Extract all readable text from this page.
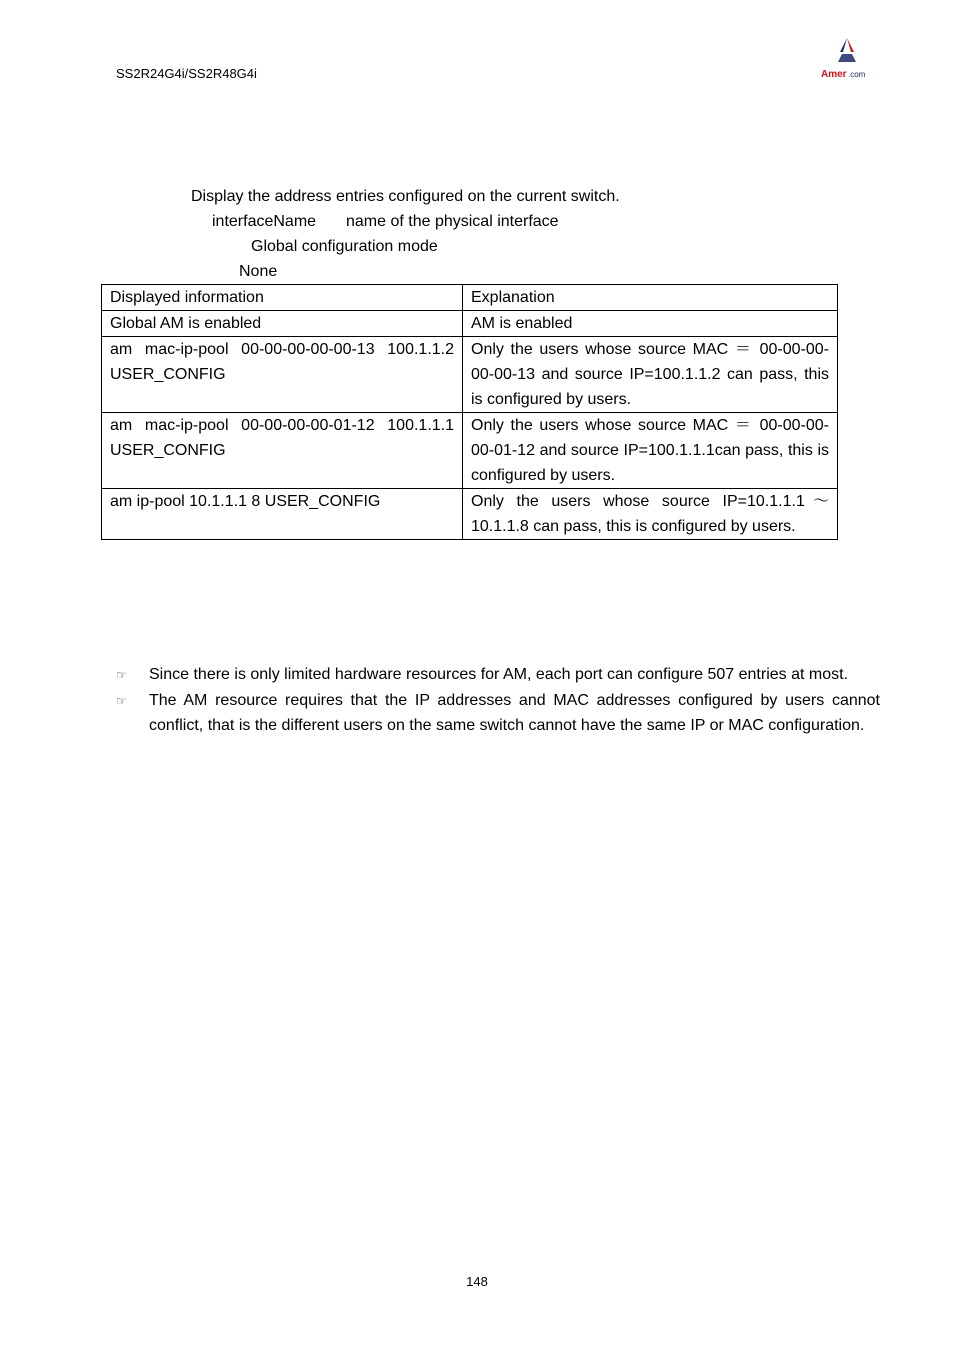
SS2R24G4i/SS2R48G4i	Amer .com
Display the address entries configured on the current switch.
interfaceName name of the physical interface
Global configuration mode
None
Displayed information	Explanation
Global AM is enabled	AM is enabled
am mac-ip-pool 00-00-00-00-00-13 100.1.1.2 USER_CONFIG	Only the users whose source MAC ＝ 00-00-00-00-00-13 and source IP=100.1.1.2 can pass, this is configured by users.
am mac-ip-pool 00-00-00-00-01-12 100.1.1.1 USER_CONFIG	Only the users whose source MAC ＝ 00-00-00-00-01-12 and source IP=100.1.1.1can pass, this is configured by users.
am ip-pool 10.1.1.1 8 USER_CONFIG	Only the users whose source IP=10.1.1.1～10.1.1.8 can pass, this is configured by users.
☞	Since there is only limited hardware resources for AM, each port can configure 507 entries at most.
☞	The AM resource requires that the IP addresses and MAC addresses configured by users cannot conflict, that is the different users on the same switch cannot have the same IP or MAC configuration.
148
